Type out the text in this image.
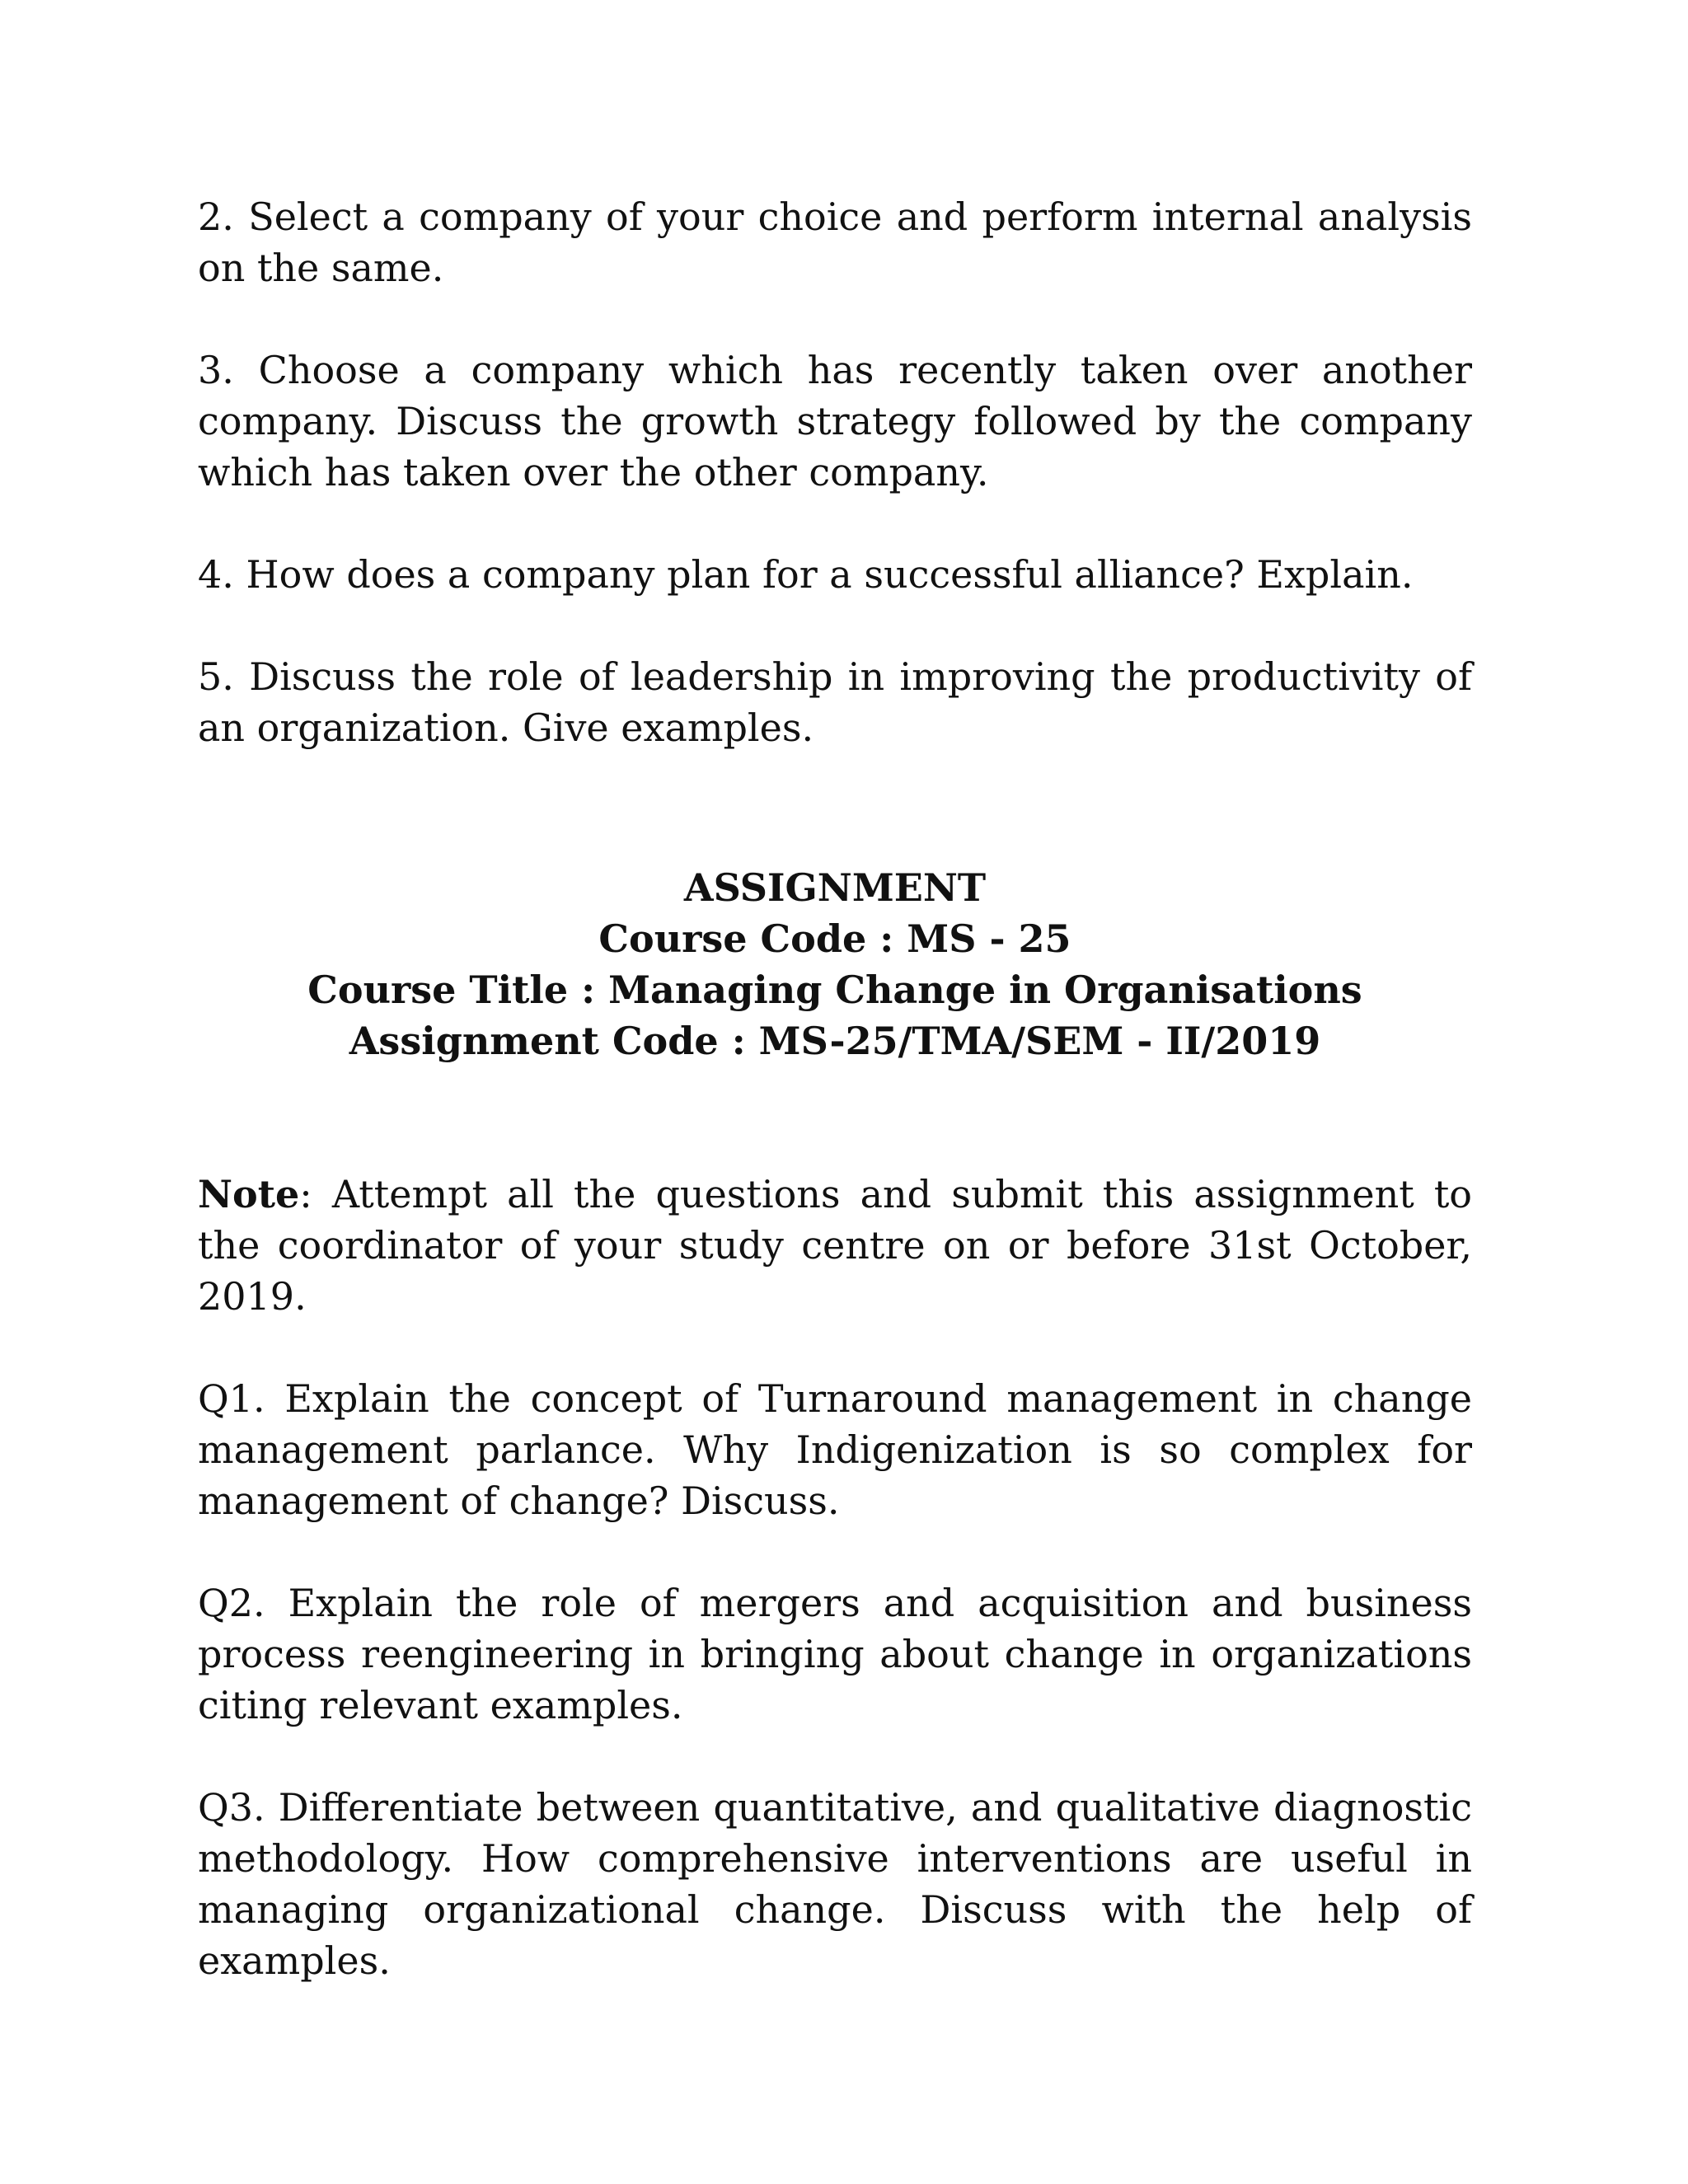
2. Select a company of your choice and perform internal analysis on the same.

3. Choose a company which has recently taken over another company. Discuss the growth strategy followed by the company which has taken over the other company.

4. How does a company plan for a successful alliance? Explain.

5. Discuss the role of leadership in improving the productivity of an organization. Give examples.

ASSIGNMENT
Course Code : MS - 25
Course Title : Managing Change in Organisations
Assignment Code : MS-25/TMA/SEM - II/2019

Note: Attempt all the questions and submit this assignment to the coordinator of your study centre on or before 31st October, 2019.

Q1. Explain the concept of Turnaround management in change management parlance. Why Indigenization is so complex for management of change? Discuss.

Q2. Explain the role of mergers and acquisition and business process reengineering in bringing about change in organizations citing relevant examples.

Q3. Differentiate between quantitative, and qualitative diagnostic methodology. How comprehensive interventions are useful in managing organizational change. Discuss with the help of examples.
